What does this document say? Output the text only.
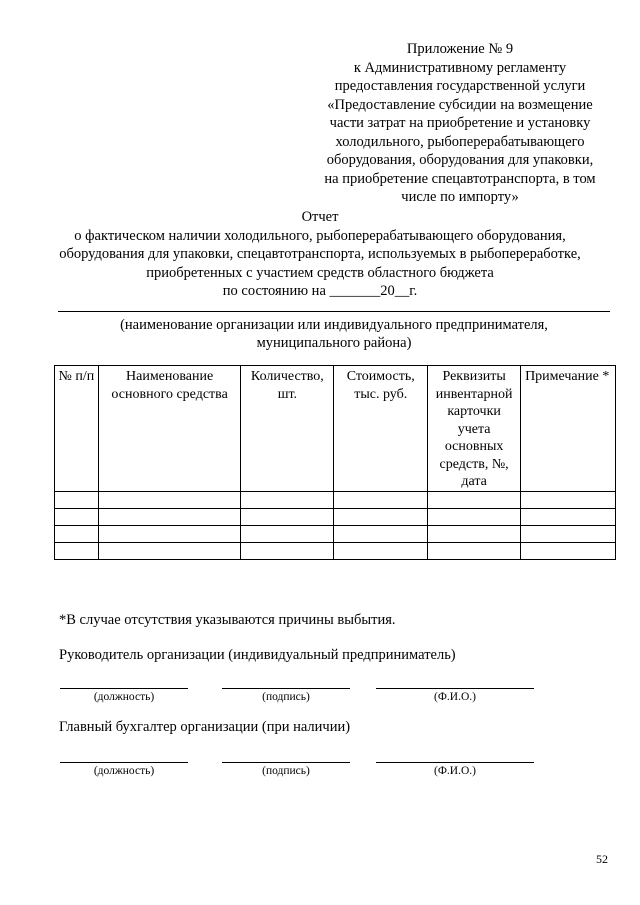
Приложение № 9
к Административному регламенту
предоставления государственной услуги
«Предоставление субсидии на возмещение
части затрат на приобретение и установку
холодильного, рыбоперерабатывающего
оборудования, оборудования для упаковки,
на приобретение спецавтотранспорта, в том
числе по импорту»
Отчет
о фактическом наличии холодильного, рыбоперерабатывающего оборудования,
оборудования для упаковки, спецавтотранспорта, используемых в рыбопереработке,
приобретенных с участием средств областного бюджета
по состоянию на _______20__г.
(наименование организации или индивидуального предпринимателя,
муниципального района)
№ п/п	Наименование основного средства	Количество, шт.	Стоимость, тыс. руб.	Реквизиты инвентарной карточки учета основных средств, №, дата	Примечание *

*В случае отсутствия указываются причины выбытия.
Руководитель организации (индивидуальный предприниматель)
(должность)	(подпись)	(Ф.И.О.)
Главный бухгалтер организации (при наличии)
(должность)	(подпись)	(Ф.И.О.)
52
